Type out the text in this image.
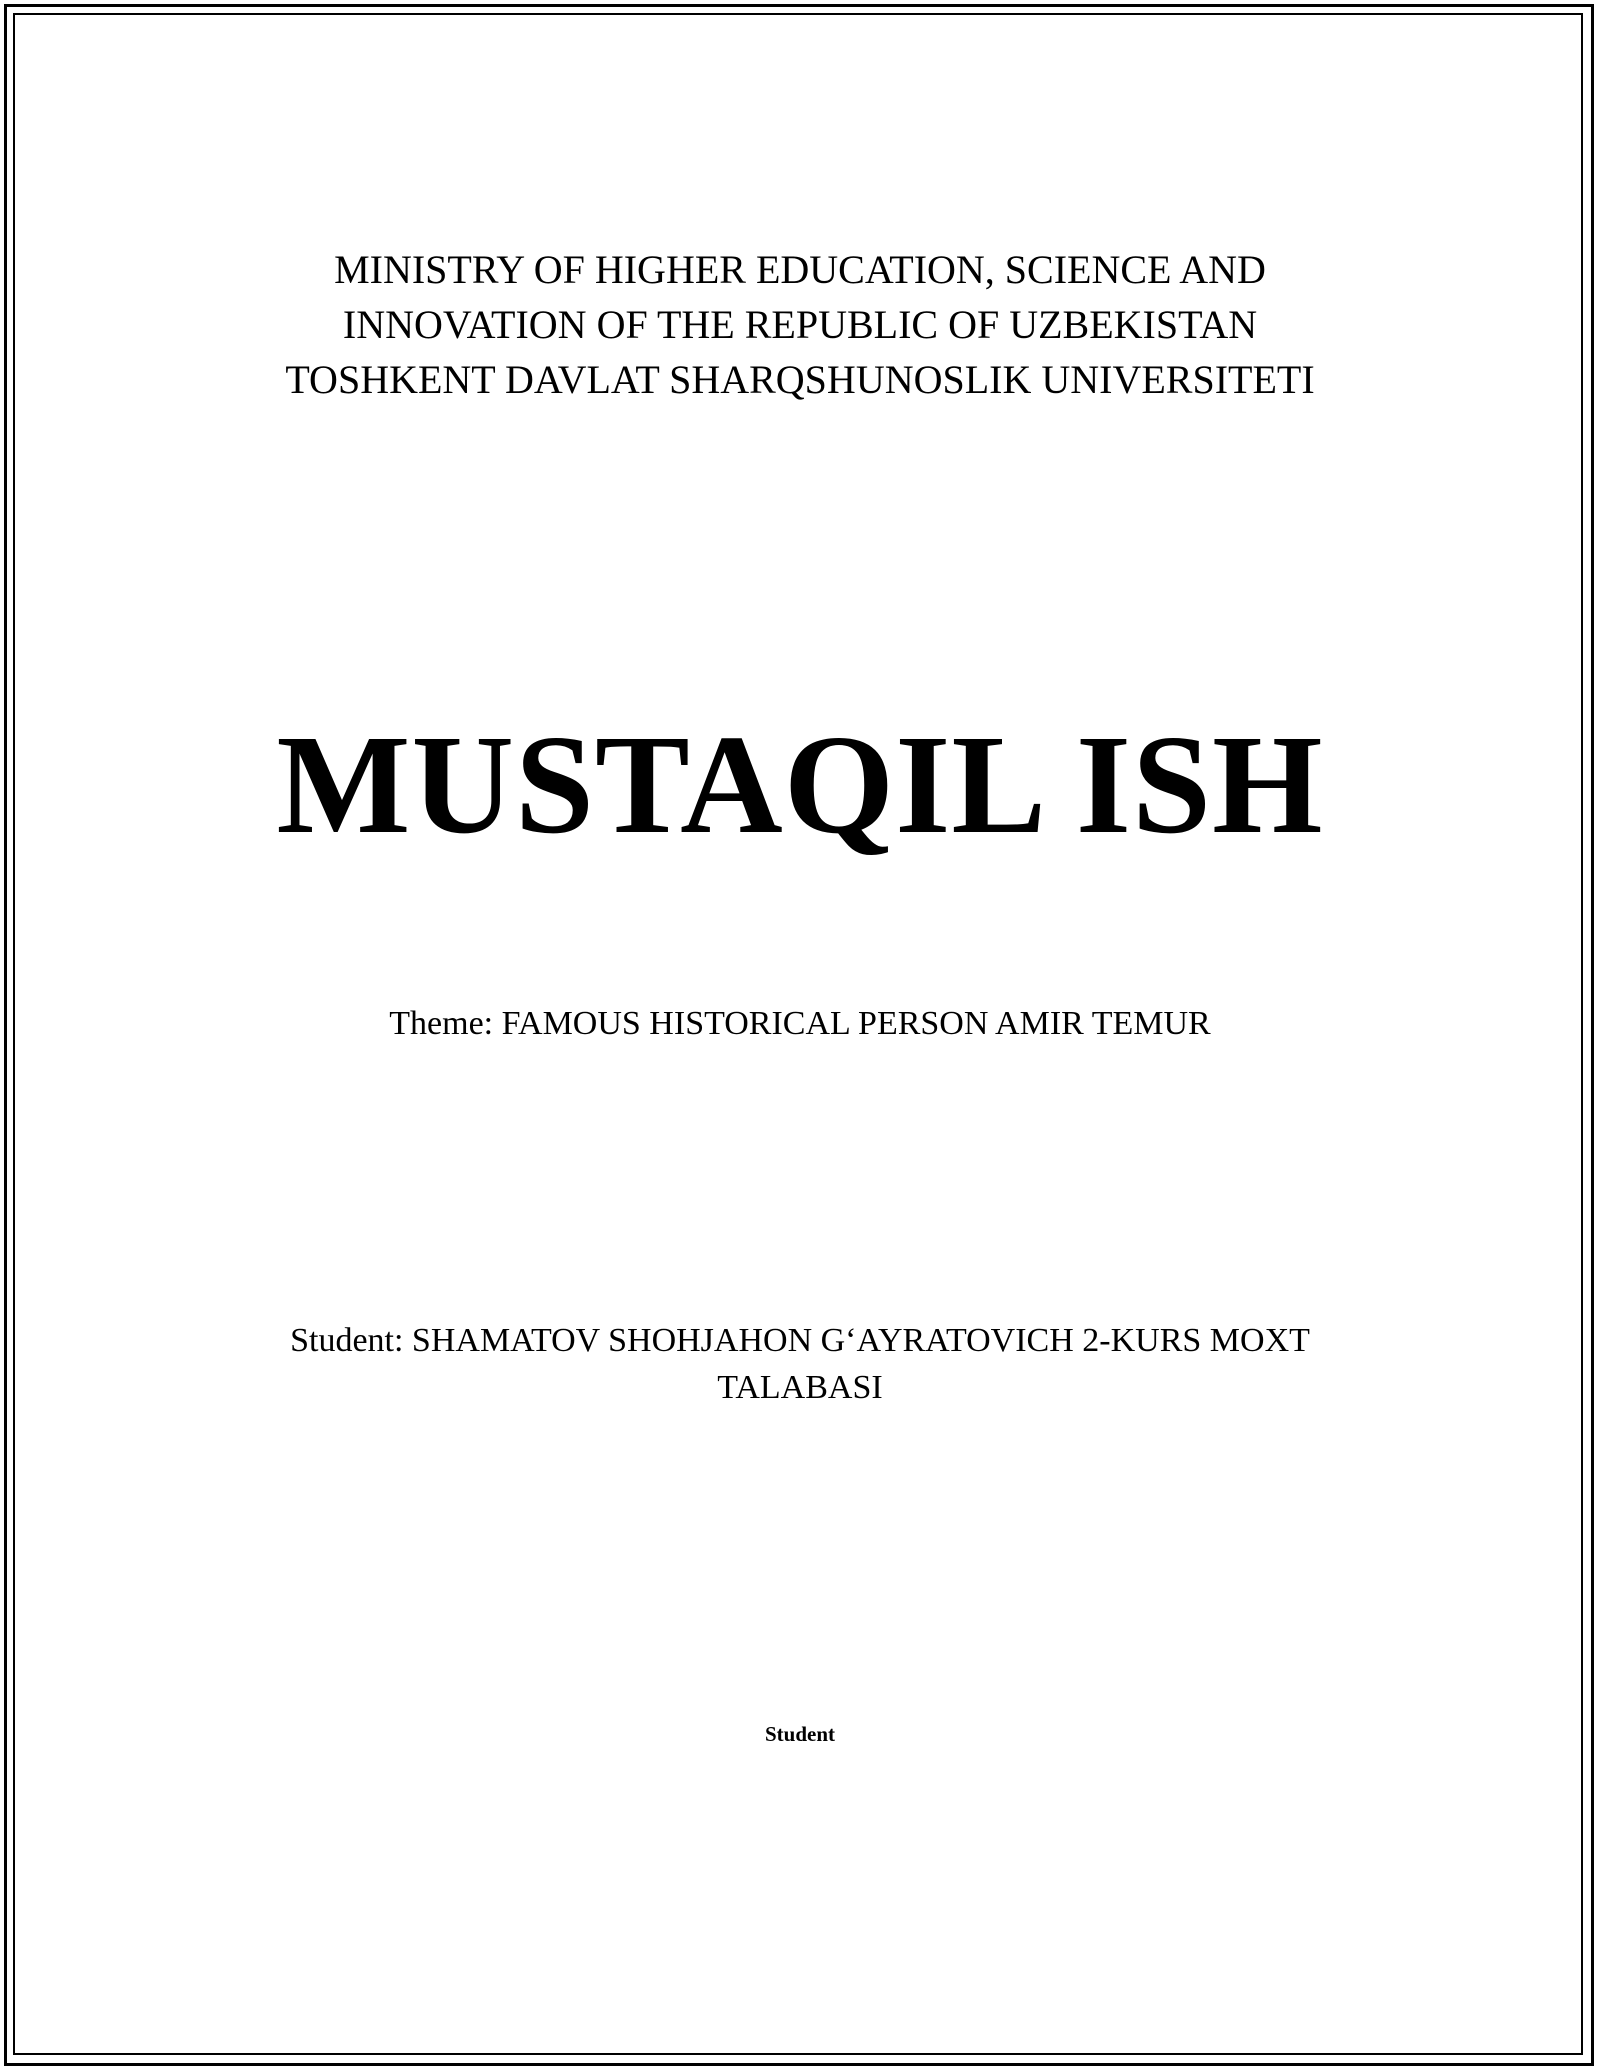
MINISTRY OF HIGHER EDUCATION, SCIENCE AND
INNOVATION OF THE REPUBLIC OF UZBEKISTAN
TOSHKENT DAVLAT SHARQSHUNOSLIK UNIVERSITETI
MUSTAQIL ISH
Theme: FAMOUS HISTORICAL PERSON AMIR TEMUR
Student: SHAMATOV SHOHJAHON G‘AYRATOVICH 2-KURS MOXT
TALABASI
Student
